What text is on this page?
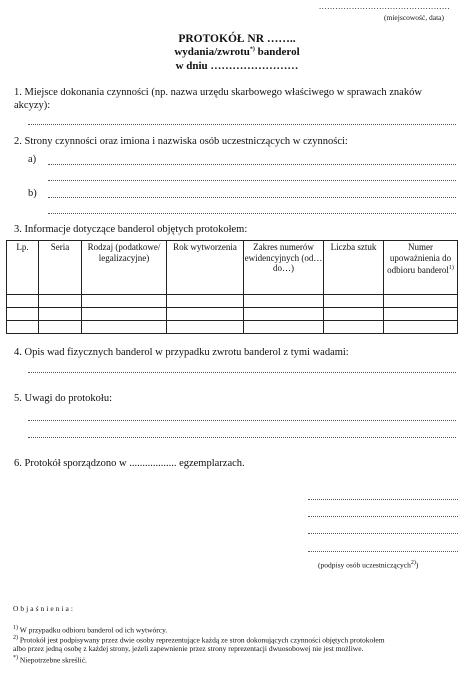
…………………………………………
(miejscowość, data)
PROTOKÓŁ NR ……..
wydania/zwrotu*) banderol
w dniu ……………………
1. Miejsce dokonania czynności (np. nazwa urzędu skarbowego właściwego w sprawach znaków akcyzy):
2. Strony czynności oraz imiona i nazwiska osób uczestniczących w czynności:
a)
b)
3. Informacje dotyczące banderol objętych protokołem:
Lp.	Seria	Rodzaj (podatkowe/ legalizacyjne)	Rok wytworzenia	Zakres numerów ewidencyjnych (od… do…)	Liczba sztuk	Numer upoważnienia do odbioru banderol$^{1)}$

4. Opis wad fizycznych banderol w przypadku zwrotu banderol z tymi wadami:
5. Uwagi do protokołu:
6. Protokół sporządzono w .................. egzemplarzach.
(podpisy osób uczestniczących$^{2)}$)
Objaśnienia:
$^{1)}$ W przypadku odbioru banderol od ich wytwórcy.
$^{2)}$ Protokół jest podpisywany przez dwie osoby reprezentujące każdą ze stron dokonujących czynności objętych protokołem
albo przez jedną osobę z każdej strony, jeżeli zapewnienie przez strony reprezentacji dwuosobowej nie jest możliwe.
*) Niepotrzebne skreślić.
